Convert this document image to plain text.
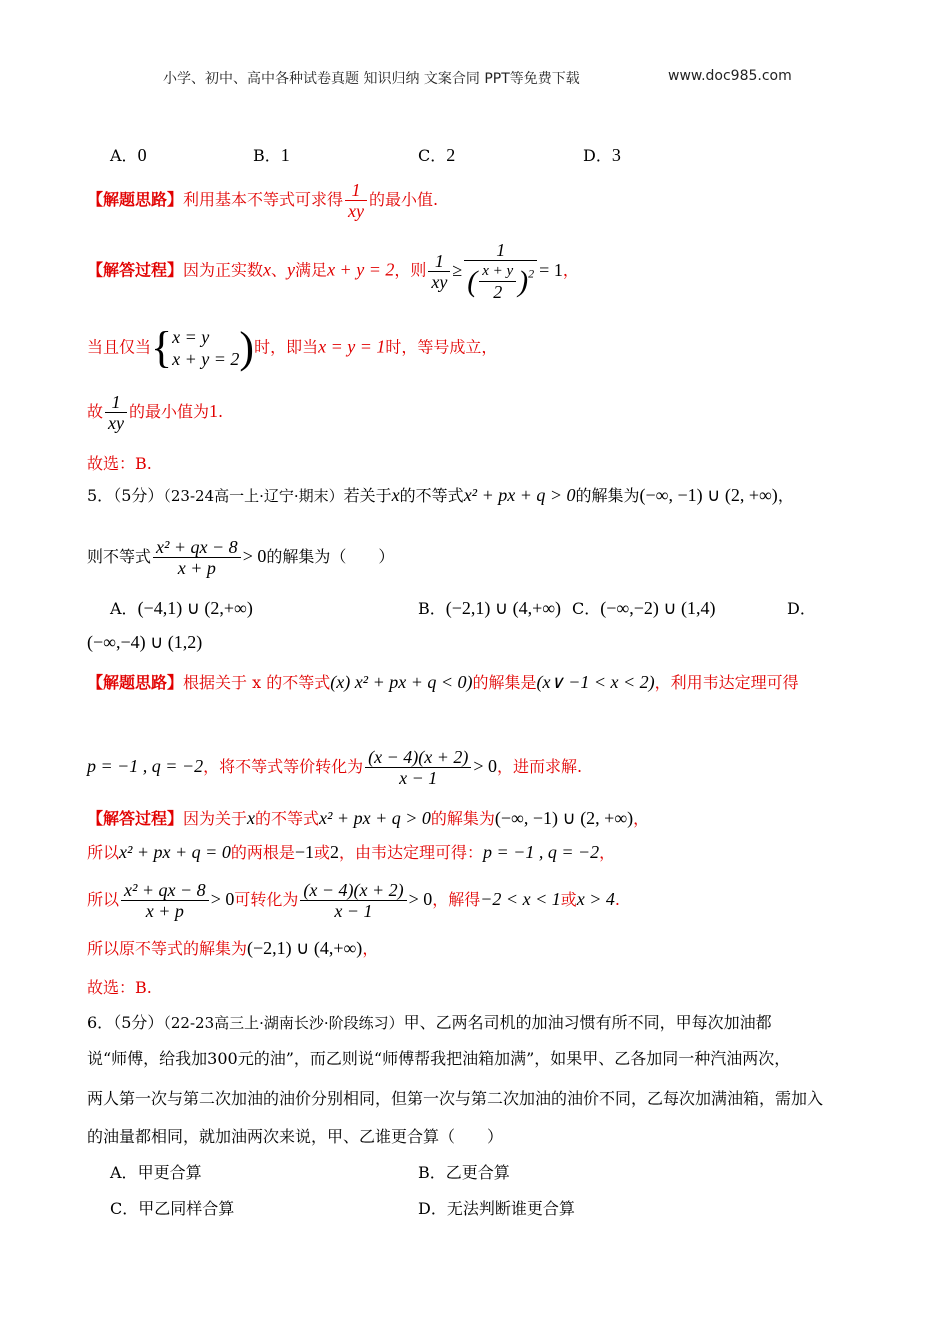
小学、初中、高中各种试卷真题 知识归纳 文案合同 PPT等免费下载	www.doc985.com
A．0	B．1	C．2	D．3
【解题思路】利用基本不等式可求得 $\frac{1}{xy}$ 的最小值.
【解答过程】因为正实数x、y满足x + y = 2，则 $\frac{1}{xy} \ge \frac{1}{( \frac{x + y}{2} )^2} = 1$，
当且仅当{ x = y
x + y = 2 )时，即当x = y = 1时，等号成立，
故 $\frac{1}{xy}$ 的最小值为1.
故选：B.
5．（5分）（23-24高一上·辽宁·期末）若关于x的不等式x² + px + q > 0的解集为(−∞, −1) ∪ (2, +∞)，
则不等式 $\frac{\text{x² + qx − 8}}{x + p} > 0$的解集为（　　）
A．(−4,1) ∪ (2,+∞)	B．(−2,1) ∪ (4,+∞) C．(−∞,−2) ∪ (1,4)	D．
(−∞,−4) ∪ (1,2)
【解题思路】根据关于 x 的不等式(x) x² + px + q < 0)的解集是(x∨ −1 < x < 2)，利用韦达定理可得
p = −1 , q = −2，将不等式等价转化为 $\frac{(x - 4)(x + 2)}{x - 1} > 0$，进而求解.
【解答过程】因为关于x的不等式x² + px + q > 0的解集为(−∞, −1) ∪ (2, +∞)，
所以x² + px + q = 0的两根是−1或2，由韦达定理可得：p = −1 , q = −2，
所以 $\frac{\text{x² + qx − 8}}{x + p} > 0$可转化为 $\frac{(x - 4)(x + 2)}{x - 1} > 0$，解得−2 < x < 1或x > 4.
所以原不等式的解集为(−2,1) ∪ (4,+∞)，
故选：B.
6．（5分）（22-23高三上·湖南长沙·阶段练习）甲、乙两名司机的加油习惯有所不同，甲每次加油都
说“师傅，给我加300元的油”，而乙则说“师傅帮我把油箱加满”，如果甲、乙各加同一种汽油两次，
两人第一次与第二次加油的油价分别相同，但第一次与第二次加油的油价不同，乙每次加满油箱，需加入
的油量都相同，就加油两次来说，甲、乙谁更合算（　　）
A．甲更合算	B．乙更合算
C．甲乙同样合算	D．无法判断谁更合算
